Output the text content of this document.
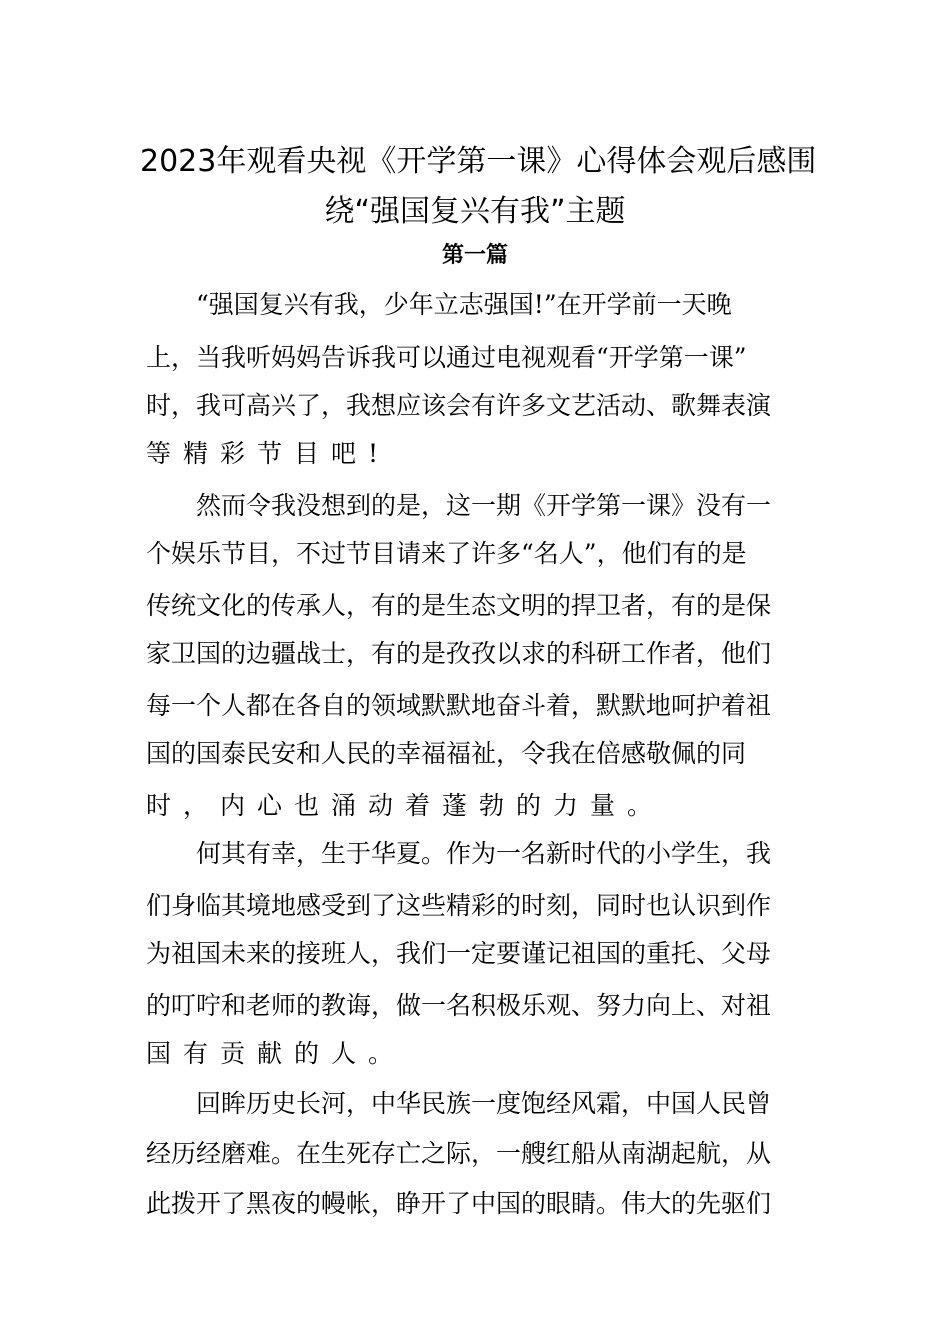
2023年观看央视《开学第一课》心得体会观后感围
绕“强国复兴有我”主题
第一篇
“强国复兴有我，少年立志强国!”在开学前一天晚
上，当我听妈妈告诉我可以通过电视观看“开学第一课”
时，我可高兴了，我想应该会有许多文艺活动、歌舞表演
等精彩节目吧!
然而令我没想到的是，这一期《开学第一课》没有一
个娱乐节目，不过节目请来了许多“名人”，他们有的是
传统文化的传承人，有的是生态文明的捍卫者，有的是保
家卫国的边疆战士，有的是孜孜以求的科研工作者，他们
每一个人都在各自的领域默默地奋斗着，默默地呵护着祖
国的国泰民安和人民的幸福福祉，令我在倍感敬佩的同
时，内心也涌动着蓬勃的力量。
何其有幸，生于华夏。作为一名新时代的小学生，我
们身临其境地感受到了这些精彩的时刻，同时也认识到作
为祖国未来的接班人，我们一定要谨记祖国的重托、父母
的叮咛和老师的教诲，做一名积极乐观、努力向上、对祖
国有贡献的人。
回眸历史长河，中华民族一度饱经风霜，中国人民曾
经历经磨难。在生死存亡之际，一艘红船从南湖起航，从
此拨开了黑夜的幔帐，睁开了中国的眼睛。伟大的先驱们
